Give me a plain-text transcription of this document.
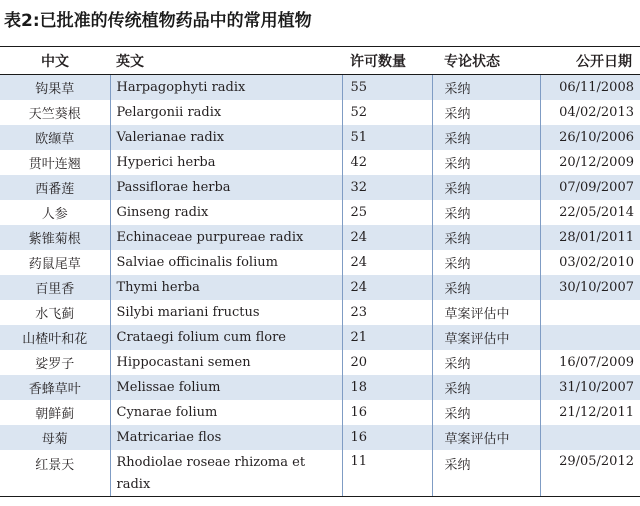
表2:已批准的传统植物药品中的常用植物
中文	英文	许可数量	专论状态	公开日期
钩果草	Harpagophyti radix	55	采纳	06/11/2008
天竺葵根	Pelargonii radix	52	采纳	04/02/2013
欧缬草	Valerianae radix	51	采纳	26/10/2006
贯叶连翘	Hyperici herba	42	采纳	20/12/2009
西番莲	Passiflorae herba	32	采纳	07/09/2007
人参	Ginseng radix	25	采纳	22/05/2014
紫锥菊根	Echinaceae purpureae radix	24	采纳	28/01/2011
药鼠尾草	Salviae officinalis folium	24	采纳	03/02/2010
百里香	Thymi herba	24	采纳	30/10/2007
水飞蓟	Silybi mariani fructus	23	草案评估中	
山楂叶和花	Crataegi folium cum flore	21	草案评估中	
娑罗子	Hippocastani semen	20	采纳	16/07/2009
香蜂草叶	Melissae folium	18	采纳	31/10/2007
朝鲜蓟	Cynarae folium	16	采纳	21/12/2011
母菊	Matricariae flos	16	草案评估中	
红景天	Rhodiolae roseae rhizoma et radix	11	采纳	29/05/2012
